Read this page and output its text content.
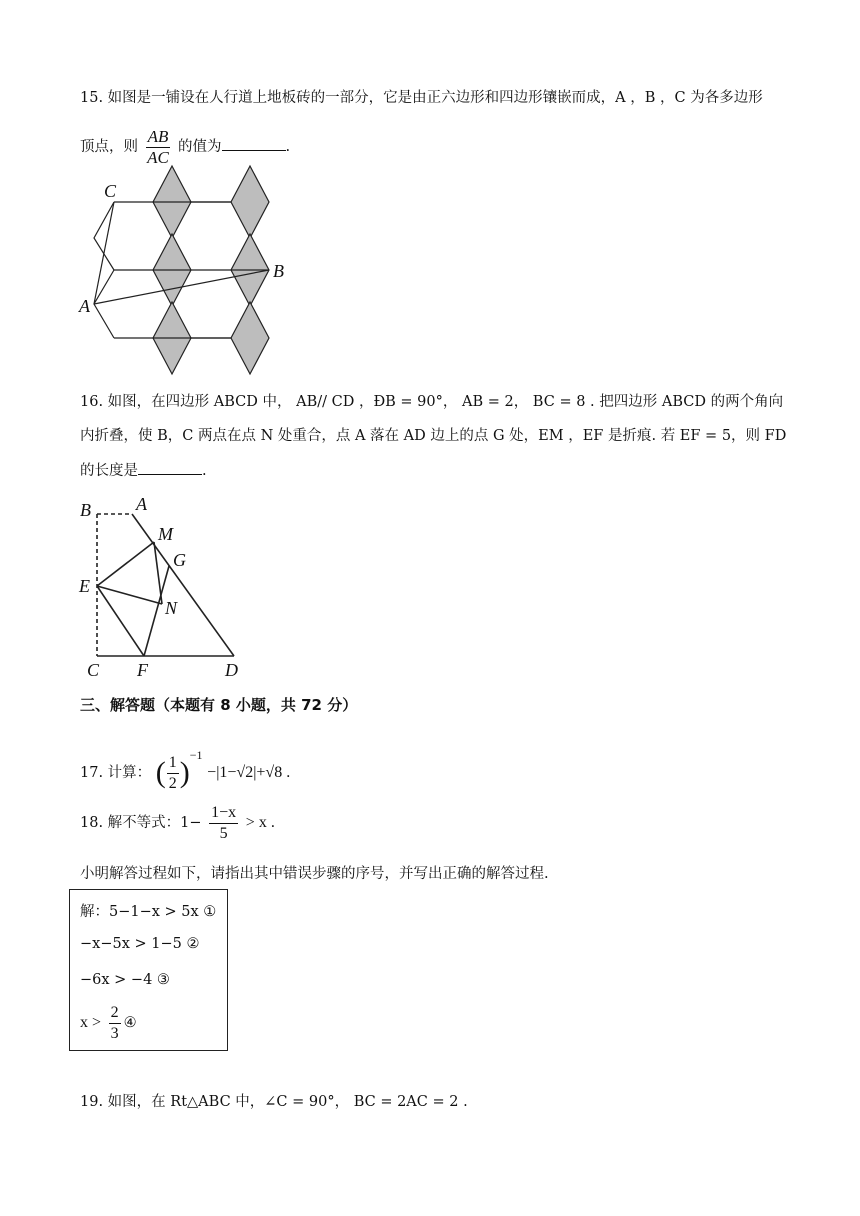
15. 如图是一铺设在人行道上地板砖的一部分，它是由正六边形和四边形镶嵌而成，A ，B ，C 为各多边形
顶点，则 $\frac{AB}{AC}$ 的值为	.
C
A
B
16. 如图，在四边形 ABCD 中， AB// CD ，ÐB = 90°， AB = 2， BC = 8 . 把四边形 ABCD 的两个角向
内折叠，使 B，C 两点在点 N 处重合，点 A 落在 AD 边上的点 G 处，EM ，EF 是折痕. 若 EF = 5，则 FD
的长度是	.
B	A
M
G
E
N
C F	D
三、解答题（本题有 8 小题，共 72 分）
17. 计算： ( $\frac{1}{2} )^{-1} -|1-√2|+√8$ .
18. 解不等式：$1- \frac{1-x}{5} > x$ .
小明解答过程如下，请指出其中错误步骤的序号，并写出正确的解答过程.
解：5−1−x > 5x ①
−x−5x > 1−5 ②
−6x > −4 ③
$x > \frac{2}{3}$ ④
19. 如图，在 Rt△ABC 中，∠C = 90°， BC = 2AC = 2 .
